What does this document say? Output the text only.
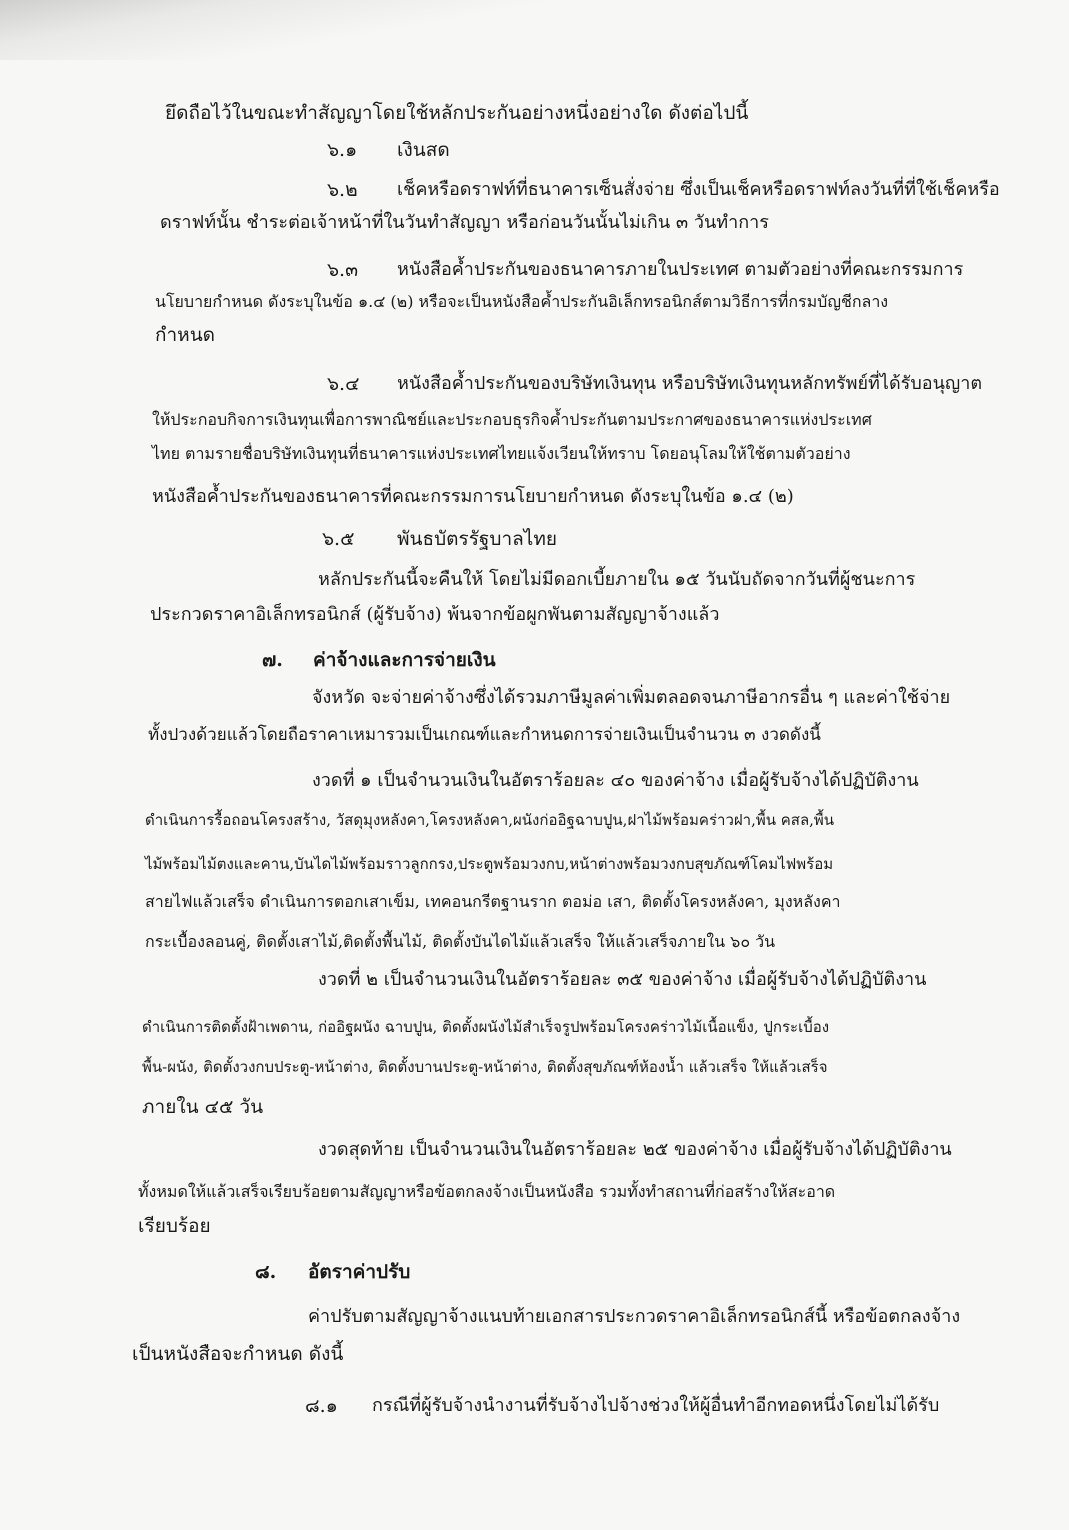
ยึดถือไว้ในขณะทำสัญญาโดยใช้หลักประกันอย่างหนึ่งอย่างใด ดังต่อไปนี้
๖.๑ เงินสด
๖.๒ เช็คหรือดราฟท์ที่ธนาคารเซ็นสั่งจ่าย ซึ่งเป็นเช็คหรือดราฟท์ลงวันที่ที่ใช้เช็คหรือ
ดราฟท์นั้น ชำระต่อเจ้าหน้าที่ในวันทำสัญญา หรือก่อนวันนั้นไม่เกิน ๓ วันทำการ
๖.๓ หนังสือค้ำประกันของธนาคารภายในประเทศ ตามตัวอย่างที่คณะกรรมการ
นโยบายกำหนด ดังระบุในข้อ ๑.๔ (๒) หรือจะเป็นหนังสือค้ำประกันอิเล็กทรอนิกส์ตามวิธีการที่กรมบัญชีกลาง
กำหนด
๖.๔ หนังสือค้ำประกันของบริษัทเงินทุน หรือบริษัทเงินทุนหลักทรัพย์ที่ได้รับอนุญาต
ให้ประกอบกิจการเงินทุนเพื่อการพาณิชย์และประกอบธุรกิจค้ำประกันตามประกาศของธนาคารแห่งประเทศ
ไทย ตามรายชื่อบริษัทเงินทุนที่ธนาคารแห่งประเทศไทยแจ้งเวียนให้ทราบ โดยอนุโลมให้ใช้ตามตัวอย่าง
หนังสือค้ำประกันของธนาคารที่คณะกรรมการนโยบายกำหนด ดังระบุในข้อ ๑.๔ (๒)
๖.๕ พันธบัตรรัฐบาลไทย
หลักประกันนี้จะคืนให้ โดยไม่มีดอกเบี้ยภายใน ๑๕ วันนับถัดจากวันที่ผู้ชนะการ
ประกวดราคาอิเล็กทรอนิกส์ (ผู้รับจ้าง) พ้นจากข้อผูกพันตามสัญญาจ้างแล้ว
๗. ค่าจ้างและการจ่ายเงิน
จังหวัด จะจ่ายค่าจ้างซึ่งได้รวมภาษีมูลค่าเพิ่มตลอดจนภาษีอากรอื่น ๆ และค่าใช้จ่าย
ทั้งปวงด้วยแล้วโดยถือราคาเหมารวมเป็นเกณฑ์และกำหนดการจ่ายเงินเป็นจำนวน ๓ งวดดังนี้
งวดที่ ๑ เป็นจำนวนเงินในอัตราร้อยละ ๔๐ ของค่าจ้าง เมื่อผู้รับจ้างได้ปฏิบัติงาน
ดำเนินการรื้อถอนโครงสร้าง, วัสดุมุงหลังคา,โครงหลังคา,ผนังก่ออิฐฉาบปูน,ฝาไม้พร้อมคร่าวฝา,พื้น คสล,พื้น
ไม้พร้อมไม้ตงและคาน,บันไดไม้พร้อมราวลูกกรง,ประตูพร้อมวงกบ,หน้าต่างพร้อมวงกบสุขภัณฑ์โคมไฟพร้อม
สายไฟแล้วเสร็จ ดำเนินการตอกเสาเข็ม, เทคอนกรีตฐานราก ตอม่อ เสา, ติดตั้งโครงหลังคา, มุงหลังคา
กระเบื้องลอนคู่, ติดตั้งเสาไม้,ติดตั้งพื้นไม้, ติดตั้งบันไดไม้แล้วเสร็จ ให้แล้วเสร็จภายใน ๖๐ วัน
งวดที่ ๒ เป็นจำนวนเงินในอัตราร้อยละ ๓๕ ของค่าจ้าง เมื่อผู้รับจ้างได้ปฏิบัติงาน
ดำเนินการติดตั้งฝ้าเพดาน, ก่ออิฐผนัง ฉาบปูน, ติดตั้งผนังไม้สำเร็จรูปพร้อมโครงคร่าวไม้เนื้อแข็ง, ปูกระเบื้อง
พื้น-ผนัง, ติดตั้งวงกบประตู-หน้าต่าง, ติดตั้งบานประตู-หน้าต่าง, ติดตั้งสุขภัณฑ์ห้องน้ำ แล้วเสร็จ ให้แล้วเสร็จ
ภายใน ๔๕ วัน
งวดสุดท้าย เป็นจำนวนเงินในอัตราร้อยละ ๒๕ ของค่าจ้าง เมื่อผู้รับจ้างได้ปฏิบัติงาน
ทั้งหมดให้แล้วเสร็จเรียบร้อยตามสัญญาหรือข้อตกลงจ้างเป็นหนังสือ รวมทั้งทำสถานที่ก่อสร้างให้สะอาด
เรียบร้อย
๘. อัตราค่าปรับ
ค่าปรับตามสัญญาจ้างแนบท้ายเอกสารประกวดราคาอิเล็กทรอนิกส์นี้ หรือข้อตกลงจ้าง
เป็นหนังสือจะกำหนด ดังนี้
๘.๑ กรณีที่ผู้รับจ้างนำงานที่รับจ้างไปจ้างช่วงให้ผู้อื่นทำอีกทอดหนึ่งโดยไม่ได้รับ
